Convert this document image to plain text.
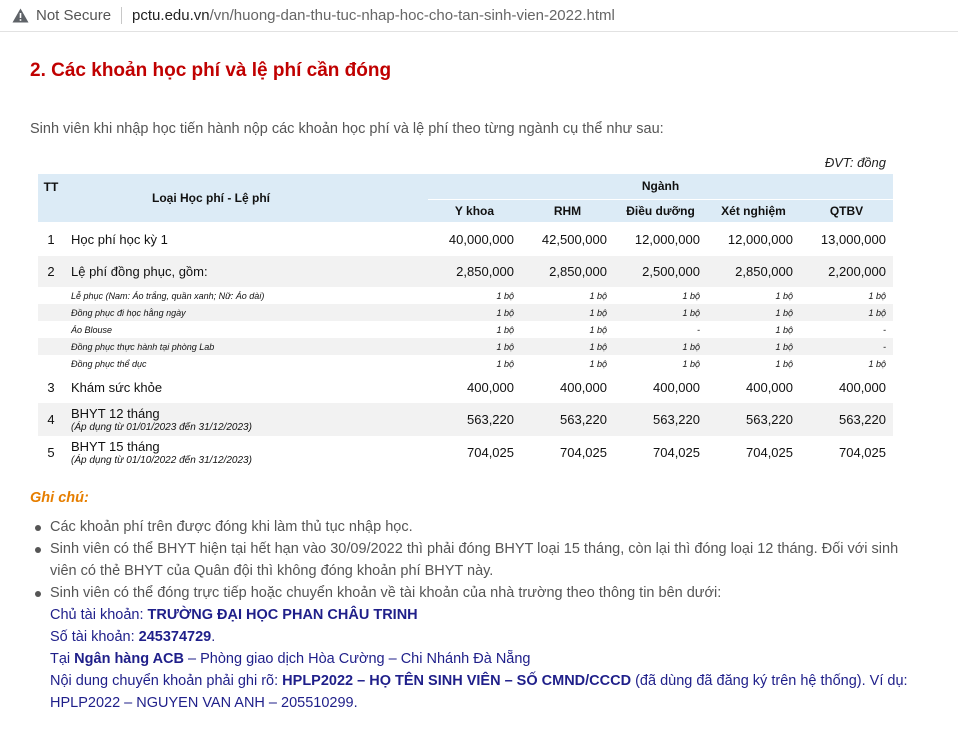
Not Secure pctu.edu.vn/vn/huong-dan-thu-tuc-nhap-hoc-cho-tan-sinh-vien-2022.html
2. Các khoản học phí và lệ phí cần đóng
Sinh viên khi nhập học tiến hành nộp các khoản học phí và lệ phí theo từng ngành cụ thể như sau:
ĐVT: đồng
TT	Loại Học phí - Lệ phí	Ngành				
		Y khoa	RHM	Điều dưỡng	Xét nghiệm	QTBV
1	Học phí học kỳ 1	40,000,000	42,500,000	12,000,000	12,000,000	13,000,000
2	Lệ phí đồng phục, gồm:	2,850,000	2,850,000	2,500,000	2,850,000	2,200,000
	Lễ phục (Nam: Áo trắng, quần xanh; Nữ: Áo dài)	1 bộ	1 bộ	1 bộ	1 bộ	1 bộ
	Đồng phục đi học hằng ngày	1 bộ	1 bộ	1 bộ	1 bộ	1 bộ
	Áo Blouse	1 bộ	1 bộ	-	1 bộ	-
	Đồng phục thực hành tại phòng Lab	1 bộ	1 bộ	1 bộ	1 bộ	-
	Đồng phục thể dục	1 bộ	1 bộ	1 bộ	1 bộ	1 bộ
3	Khám sức khỏe	400,000	400,000	400,000	400,000	400,000
4	BHYT 12 tháng
(Áp dụng từ 01/01/2023 đến 31/12/2023)	563,220	563,220	563,220	563,220	563,220
5	BHYT 15 tháng
(Áp dụng từ 01/10/2022 đến 31/12/2023)	704,025	704,025	704,025	704,025	704,025
Ghi chú:
Các khoản phí trên được đóng khi làm thủ tục nhập học.
Sinh viên có thể BHYT hiện tại hết hạn vào 30/09/2022 thì phải đóng BHYT loại 15 tháng, còn lại thì đóng loại 12 tháng. Đối với sinh viên có thẻ BHYT của Quân đội thì không đóng khoản phí BHYT này.
Sinh viên có thể đóng trực tiếp hoặc chuyển khoản về tài khoản của nhà trường theo thông tin bên dưới:
Chủ tài khoản: TRƯỜNG ĐẠI HỌC PHAN CHÂU TRINH
Số tài khoản: 245374729.
Tại Ngân hàng ACB – Phòng giao dịch Hòa Cường – Chi Nhánh Đà Nẵng
Nội dung chuyển khoản phải ghi rõ: HPLP2022 – HỌ TÊN SINH VIÊN – SỐ CMND/CCCD (đã dùng đã đăng ký trên hệ thống). Ví dụ: HPLP2022 – NGUYEN VAN ANH – 205510299.
